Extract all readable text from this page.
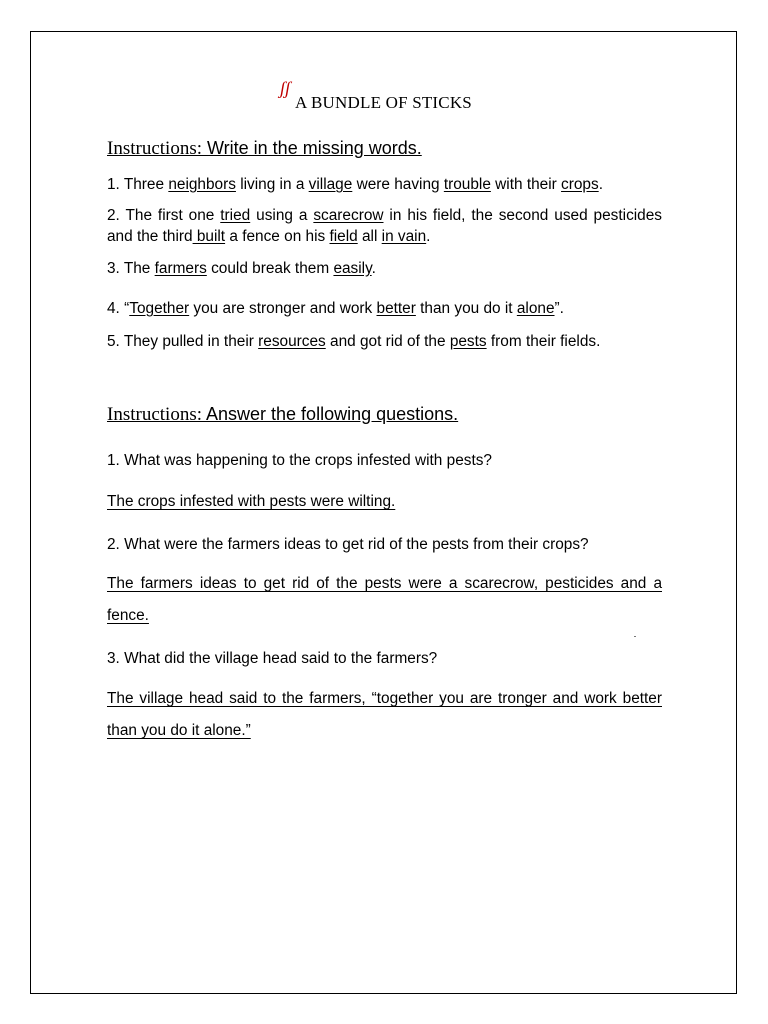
ʃʃ
A BUNDLE OF STICKS
Instructions: Write in the missing words.
1. Three neighbors living in a village were having trouble with their crops.
2. The first one tried using a scarecrow in his field, the second used pesticides and the third built a fence on his field all in vain.
3. The farmers could break them easily.
4. “Together you are stronger and work better than you do it alone”.
5. They pulled in their resources and got rid of the pests from their fields.
Instructions: Answer the following questions.
1. What was happening to the crops infested with pests?
The crops infested with pests were wilting.
2. What were the farmers ideas to get rid of the pests from their crops?
The farmers ideas to get rid of the pests were a scarecrow, pesticides and a fence.
3. What did the village head said to the farmers?
The village head said to the farmers, “together you are tronger and work better than you do it alone.”
